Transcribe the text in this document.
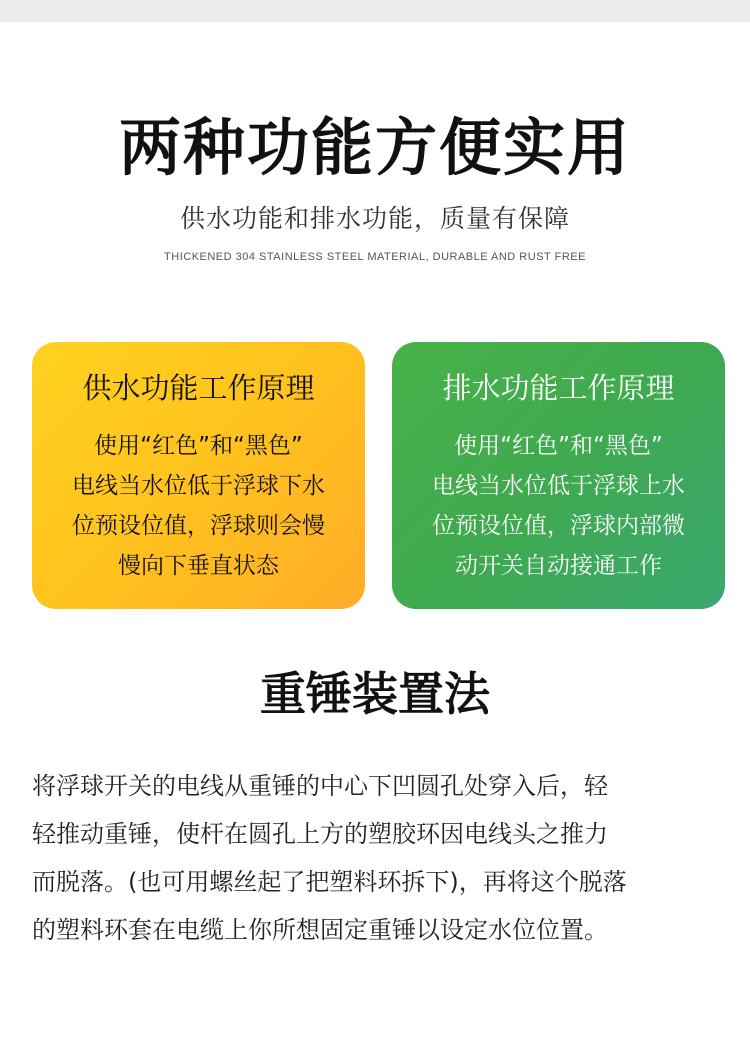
两种功能方便实用
供水功能和排水功能，质量有保障
THICKENED 304 STAINLESS STEEL MATERIAL, DURABLE AND RUST FREE
供水功能工作原理
使用“红色”和“黑色”
电线当水位低于浮球下水
位预设位值，浮球则会慢
慢向下垂直状态
排水功能工作原理
使用“红色”和“黑色”
电线当水位低于浮球上水
位预设位值，浮球内部微
动开关自动接通工作
重锤装置法
将浮球开关的电线从重锤的中心下凹圆孔处穿入后，轻
轻推动重锤，使杆在圆孔上方的塑胶环因电线头之推力
而脱落。(也可用螺丝起了把塑料环拆下)，再将这个脱落
的塑料环套在电缆上你所想固定重锤以设定水位位置。
